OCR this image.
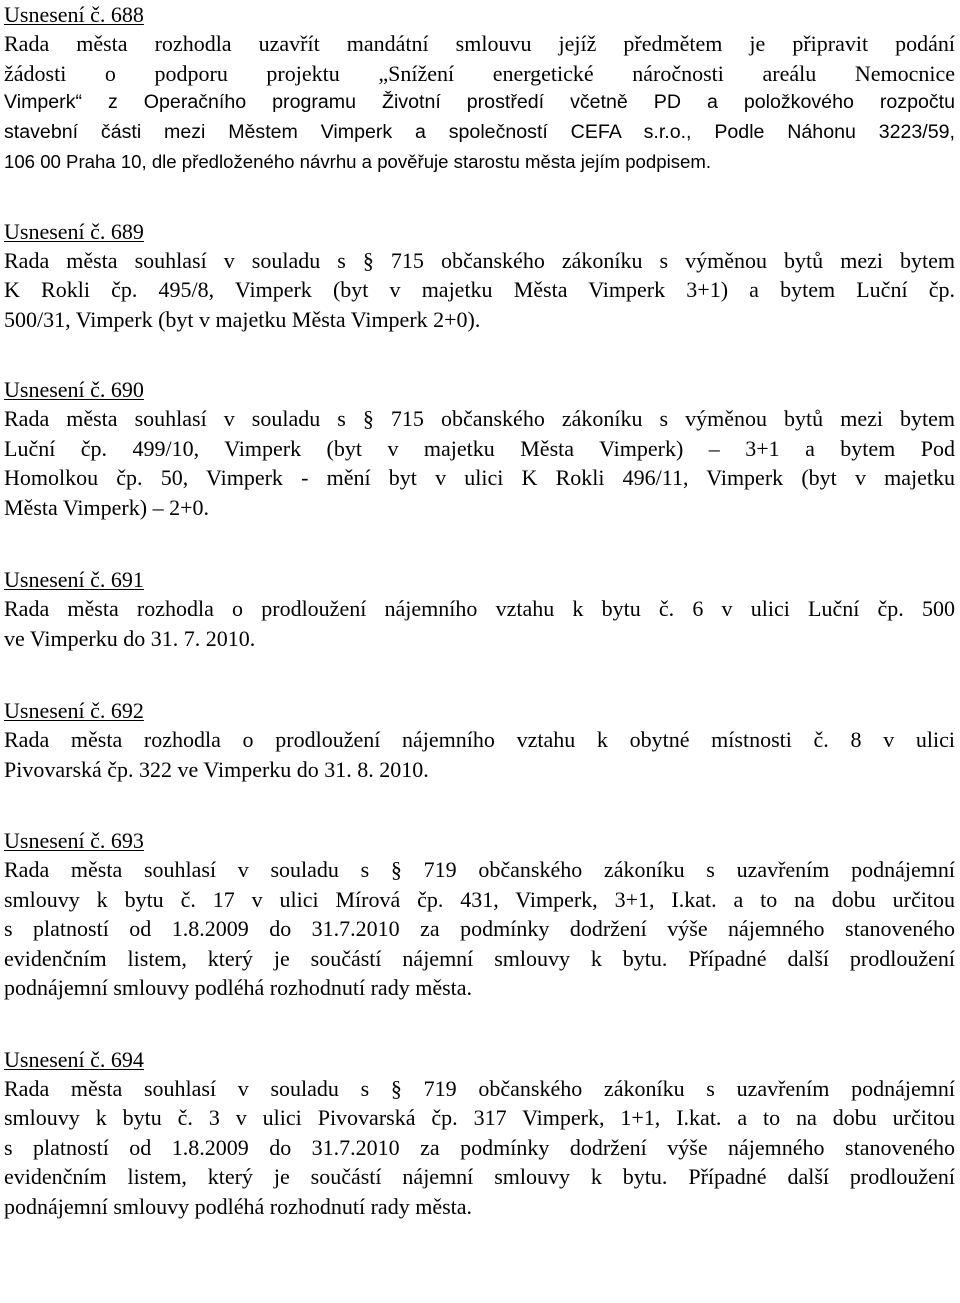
Usnesení č. 688

Rada města rozhodla uzavřít mandátní smlouvu jejíž předmětem je připravit podání
žádosti o podporu projektu „Snížení energetické náročnosti areálu Nemocnice
Vimperk“ z Operačního programu Životní prostředí včetně PD a položkového rozpočtu
stavební části mezi Městem Vimperk a společností CEFA s.r.o., Podle Náhonu 3223/59,
106 00 Praha 10, dle předloženého návrhu a pověřuje starostu města jejím podpisem.

Usnesení č. 689

Rada města souhlasí v souladu s § 715 občanského zákoníku s výměnou bytů mezi bytem
K Rokli čp. 495/8, Vimperk (byt v majetku Města Vimperk 3+1) a bytem Luční čp.
500/31, Vimperk (byt v majetku Města Vimperk 2+0).

Usnesení č. 690

Rada města souhlasí v souladu s § 715 občanského zákoníku s výměnou bytů mezi bytem
Luční čp. 499/10, Vimperk (byt v majetku Města Vimperk) – 3+1 a bytem Pod
Homolkou čp. 50, Vimperk - mění byt v ulici K Rokli 496/11, Vimperk (byt v majetku
Města Vimperk) – 2+0.

Usnesení č. 691

Rada města rozhodla o prodloužení nájemního vztahu k bytu č. 6 v ulici Luční čp. 500
ve Vimperku do 31. 7. 2010.

Usnesení č. 692

Rada města rozhodla o prodloužení nájemního vztahu k obytné místnosti č. 8 v ulici
Pivovarská čp. 322 ve Vimperku do 31. 8. 2010.

Usnesení č. 693

Rada města souhlasí v souladu s § 719 občanského zákoníku s uzavřením podnájemní
smlouvy k bytu č. 17 v ulici Mírová čp. 431, Vimperk, 3+1, I.kat. a to na dobu určitou
s platností od 1.8.2009 do 31.7.2010 za podmínky dodržení výše nájemného stanoveného
evidenčním listem, který je součástí nájemní smlouvy k bytu. Případné další prodloužení
podnájemní smlouvy podléhá rozhodnutí rady města.

Usnesení č. 694

Rada města souhlasí v souladu s § 719 občanského zákoníku s uzavřením podnájemní
smlouvy k bytu č. 3 v ulici Pivovarská čp. 317 Vimperk, 1+1, I.kat. a to na dobu určitou
s platností od 1.8.2009 do 31.7.2010 za podmínky dodržení výše nájemného stanoveného
evidenčním listem, který je součástí nájemní smlouvy k bytu. Případné další prodloužení
podnájemní smlouvy podléhá rozhodnutí rady města.
